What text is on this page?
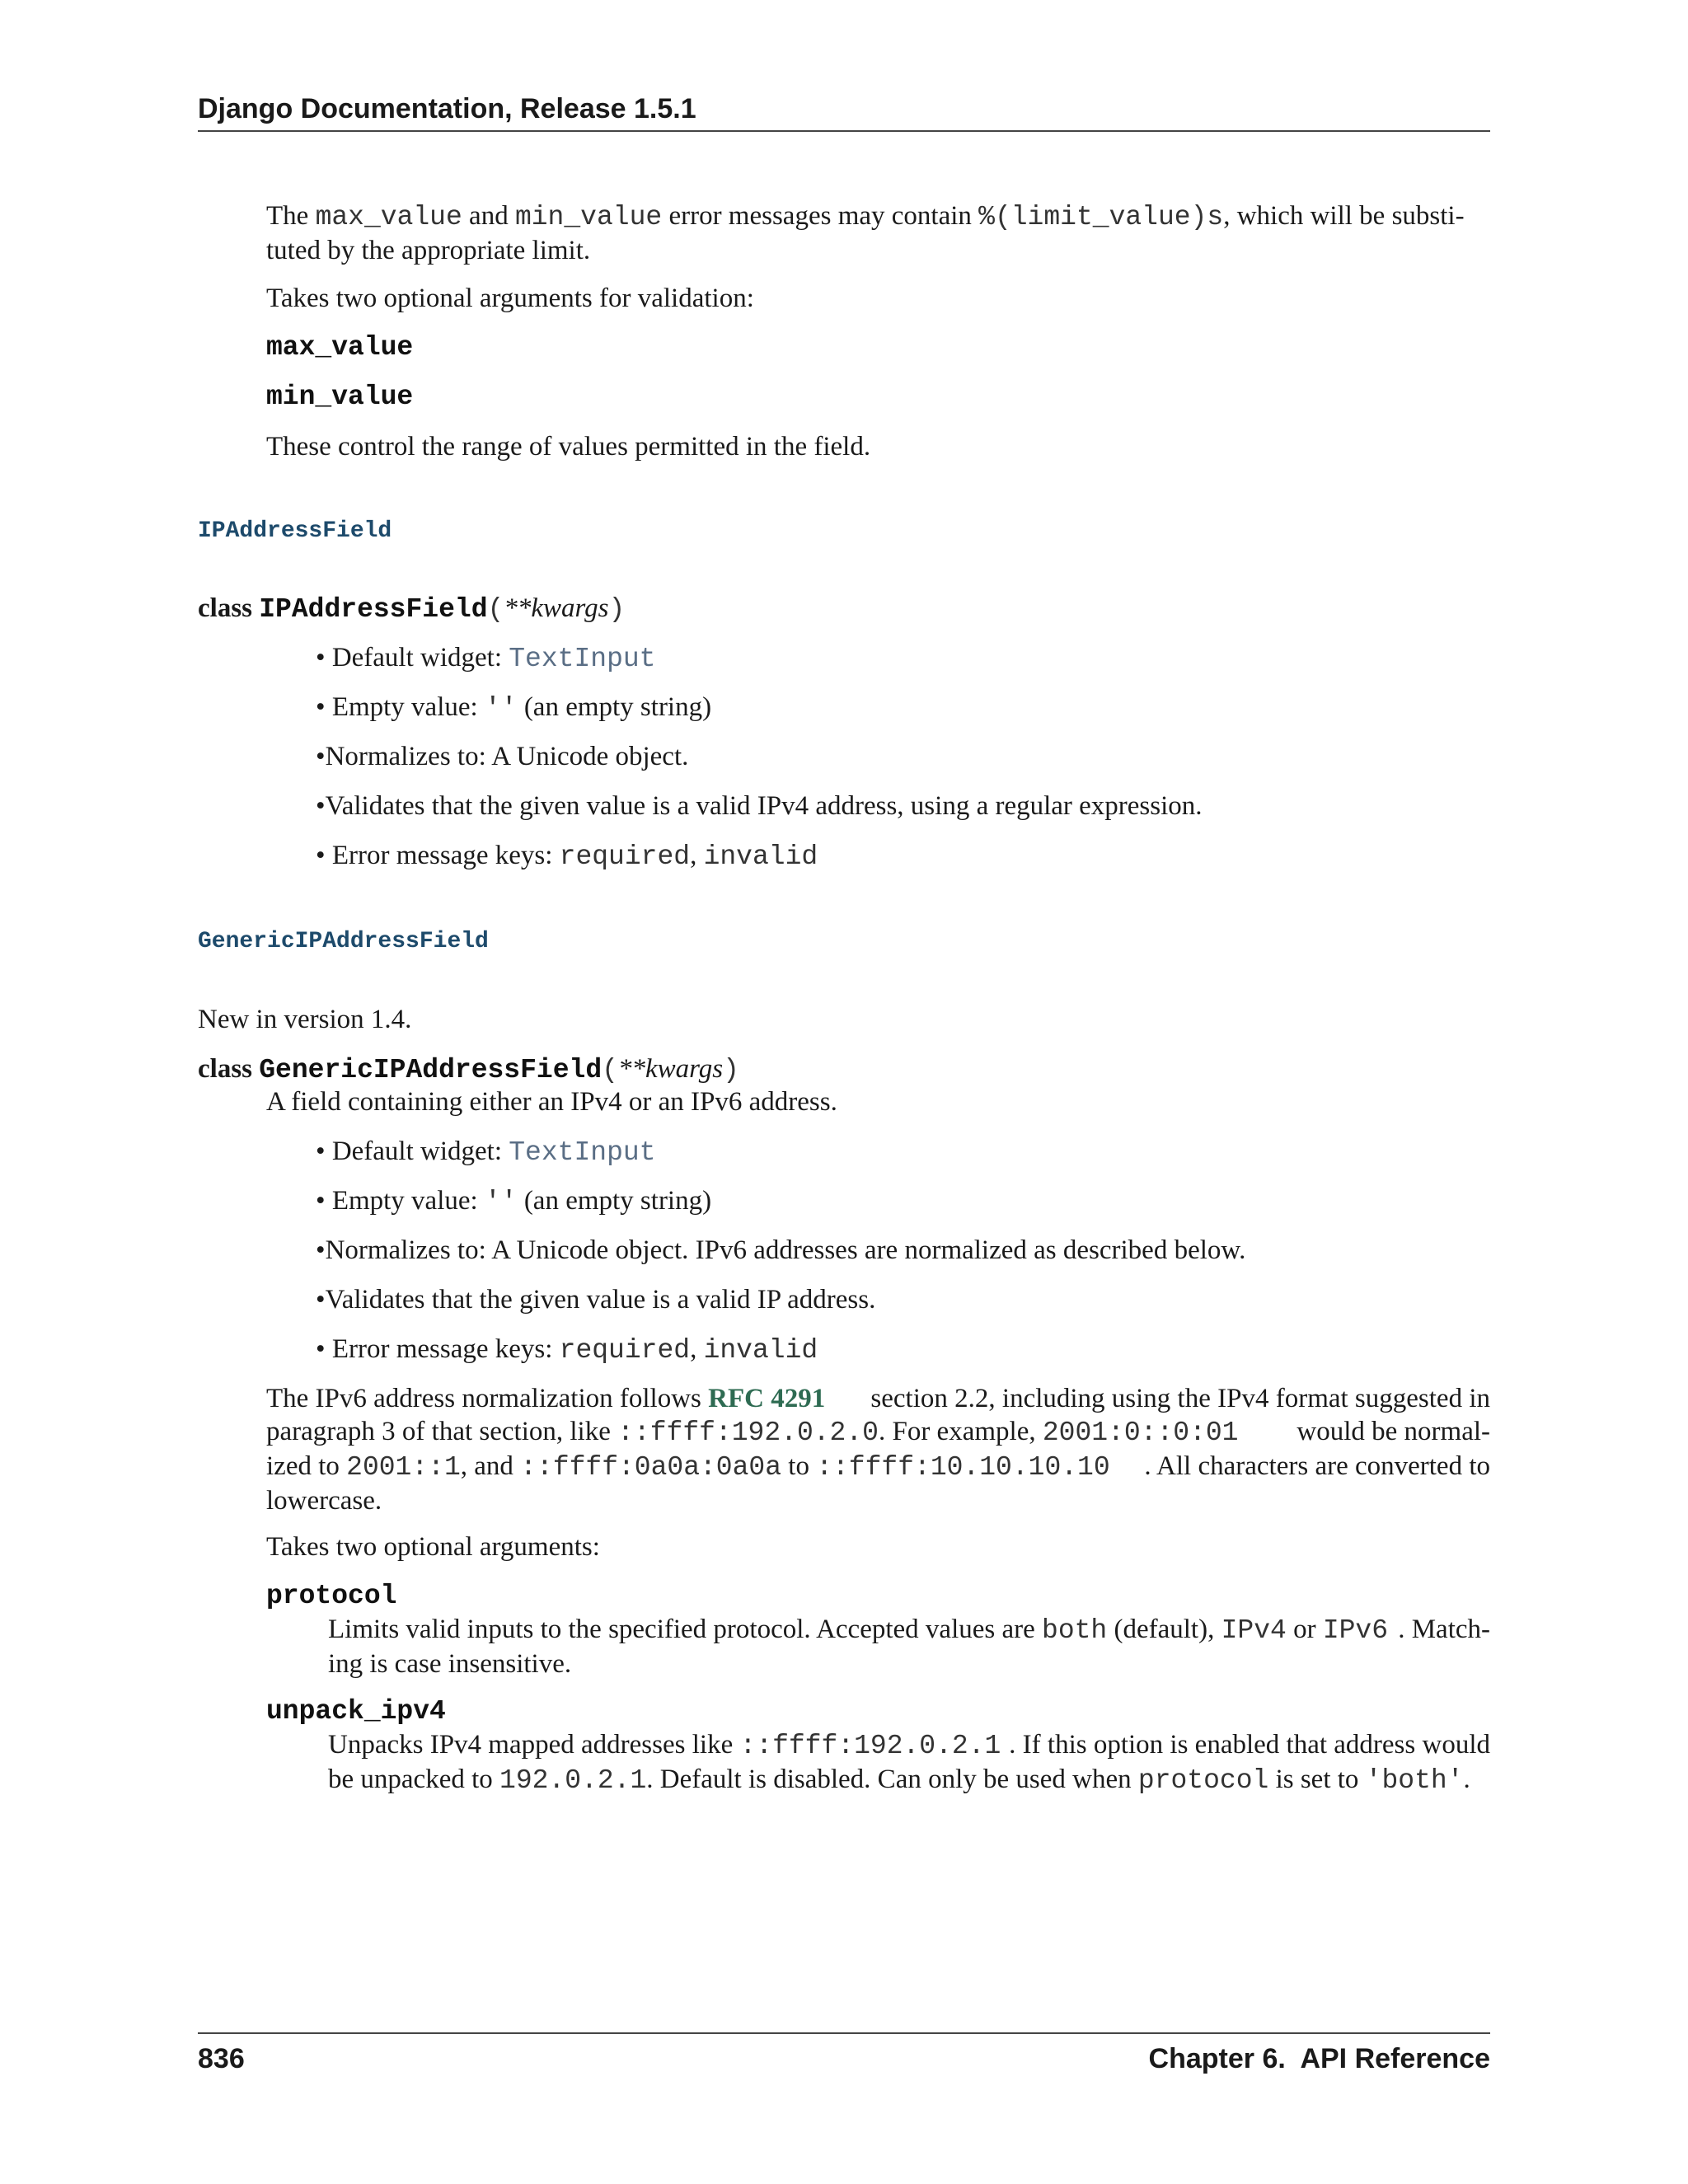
Django Documentation, Release 1.5.1
The max_value and min_value error messages may contain %(limit_value)s, which will be substi-
tuted by the appropriate limit.
Takes two optional arguments for validation:
max_value
min_value
These control the range of values permitted in the field.
IPAddressField
class IPAddressField(**kwargs)
• Default widget: TextInput
• Empty value: '' (an empty string)
• Normalizes to: A Unicode object.
• Validates that the given value is a valid IPv4 address, using a regular expression.
• Error message keys: required, invalid
GenericIPAddressField
New in version 1.4.
class GenericIPAddressField(**kwargs)
A field containing either an IPv4 or an IPv6 address.
• Default widget: TextInput
• Empty value: '' (an empty string)
• Normalizes to: A Unicode object. IPv6 addresses are normalized as described below.
• Validates that the given value is a valid IP address.
• Error message keys: required, invalid
The IPv6 address normalization follows RFC 4291 section 2.2, including using the IPv4 format suggested in
paragraph 3 of that section, like ::ffff:192.0.2.0. For example, 2001:0::0:01 would be normal-
ized to 2001::1, and ::ffff:0a0a:0a0a to ::ffff:10.10.10.10 . All characters are converted to
lowercase.
Takes two optional arguments:
protocol
Limits valid inputs to the specified protocol. Accepted values are both (default), IPv4 or IPv6 . Match-
ing is case insensitive.
unpack_ipv4
Unpacks IPv4 mapped addresses like ::ffff:192.0.2.1 . If this option is enabled that address would
be unpacked to 192.0.2.1. Default is disabled. Can only be used when protocol is set to 'both'.
836	Chapter 6.  API Reference
